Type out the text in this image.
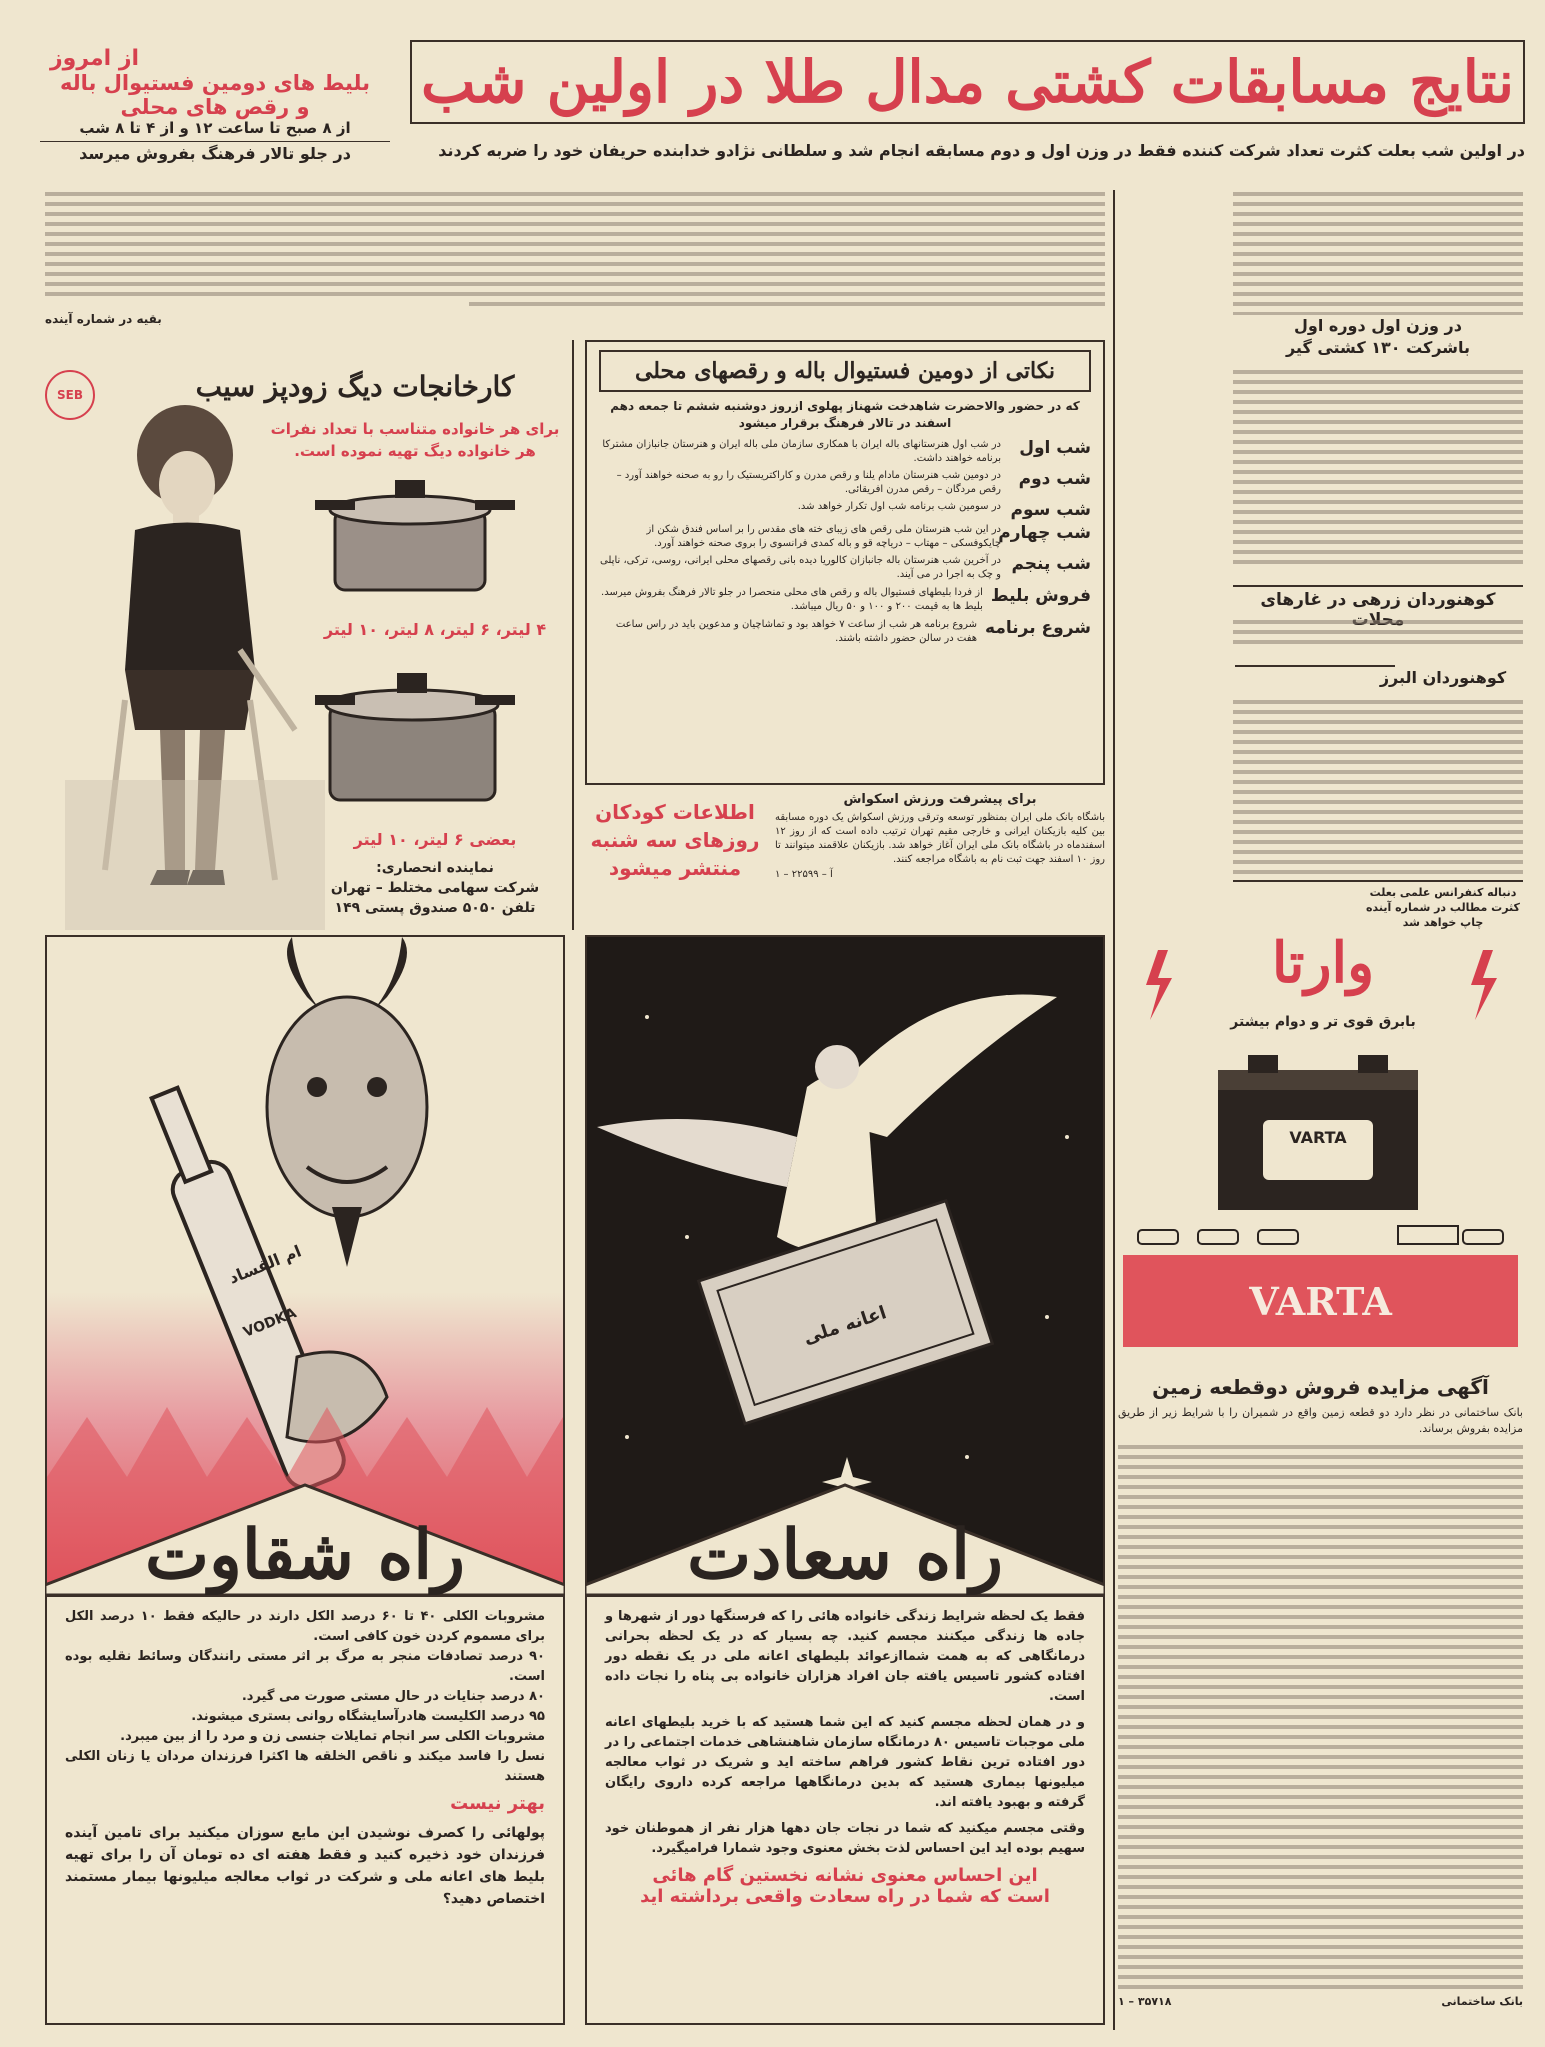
نتایج مسابقات کشتی مدال طلا در اولین شب
از امروز
بلیط های دومین فستیوال باله
و رقص های محلی
از ۸ صبح تا ساعت ۱۲ و از ۴ تا ۸ شب
در جلو تالار فرهنگ بفروش میرسد	در اولین شب بعلت کثرت تعداد شرکت کننده فقط در وزن اول و دوم مسابقه انجام شد و سلطانی نژادو خدابنده حریفان خود را ضربه کردند
بقیه در شماره آینده	در وزن اول دوره اول
باشرکت ۱۳۰ کشتی گیر
کوهنوردان زرهی در غارهای
کوهنوردان البرز
دنباله کنفرانس علمی بعلت کثرت مطالب در شماره آینده چاپ خواهد شد
SEB	کارخانجات دیگ زودپز سیب
برای هر خانواده متناسب با تعداد نفرات هر خانواده دیگ تهیه نموده است.
۴ لیتر، ۶ لیتر، ۸ لیتر، ۱۰ لیتر
بعضی ۶ لیتر، ۱۰ لیتر
نماینده انحصاری:
شرکت سهامی مختلط – تهران
تلفن ۵۰۵۰ صندوق پستی ۱۴۹
نکاتی از دومین فستیوال باله و رقصهای محلی
که در حضور والاحضرت شاهدخت شهناز پهلوی ازروز دوشنبه ششم تا جمعه دهم اسفند در تالار فرهنگ برقرار میشود
شب اول
در شب اول هنرستانهای باله ایران با همکاری سازمان ملی باله ایران و هنرستان جانبازان مشترکا برنامه خواهند داشت.
شب دوم
در دومین شب هنرستان مادام یلنا و رقص مدرن و کاراکتریستیک را رو به صحنه خواهند آورد – رقص مردگان – رقص مدرن افریقائی.
شب سوم
در سومین شب برنامه شب اول تکرار خواهد شد.
شب چهارم
در این شب هنرستان ملی رقص های زیبای خته های مقدس را بر اساس فندق شکن از چایکوفسکی – مهتاب – دریاچه قو و باله کمدی فرانسوی را بروی صحنه خواهند آورد.
شب پنجم
در آخرین شب هنرستان باله جانبازان کالوریا دیده بانی رقصهای محلی ایرانی، روسی، ترکی، ناپلی و چک به اجرا در می آیند.
فروش بلیط
از فردا بلیطهای فستیوال باله و رقص های محلی منحصرا در جلو تالار فرهنگ بفروش میرسد. بلیط ها به قیمت ۲۰۰ و ۱۰۰ و ۵۰ ریال میباشد.
شروع برنامه
شروع برنامه هر شب از ساعت ۷ خواهد بود و تماشاچیان و مدعوین باید در راس ساعت هفت در سالن حضور داشته باشند.
برای پیشرفت ورزش اسکواش
باشگاه بانک ملی ایران بمنظور توسعه وترقی ورزش اسکواش یک دوره مسابقه بین کلیه بازیکنان ایرانی و خارجی مقیم تهران ترتیب داده است که از روز ۱۲ اسفندماه در باشگاه بانک ملی ایران آغاز خواهد شد. بازیکنان علاقمند میتوانند تا روز ۱۰ اسفند جهت ثبت نام به باشگاه مراجعه کنند.
آ – ۲۲۵۹۹ – ۱
اطلاعات کودکان
روزهای سه شنبه
منتشر میشود
وارتا
بابرق قوی تر و دوام بیشتر
VARTA
VARTA
آگهی مزایده فروش دوقطعه زمین
بانک ساختمانی در نظر دارد دو قطعه زمین واقع در شمیران را با شرایط زیر از طریق مزایده بفروش برساند.
بانک ساختمانی
۳۵۷۱۸ – ۱
ام الفساد
VODKA
راه شقاوت
مشروبات الکلی ۴۰ تا ۶۰ درصد الکل دارند در حالیکه فقط ۱۰ درصد الکل برای مسموم کردن خون کافی است.
۹۰ درصد تصادفات منجر به مرگ بر اثر مستی رانندگان وسائط نقلیه بوده است.
۸۰ درصد جنایات در حال مستی صورت می گیرد.
۹۵ درصد الکلیست هادرآسایشگاه روانی بستری میشوند.
مشروبات الکلی سر انجام تمایلات جنسی زن و مرد را از بین میبرد.
نسل را فاسد میکند و ناقص الخلقه ها اکثرا فرزندان مردان یا زنان الکلی هستند
بهتر نیست
پولهائی را کصرف نوشیدن این مایع سوزان میکنید برای تامین آینده فرزندان خود ذخیره کنید و فقط هفته ای ده تومان آن را برای تهیه بلیط های اعانه ملی و شرکت در ثواب معالجه میلیونها بیمار مستمند اختصاص دهید؟
اعانه ملی
راه سعادت
فقط یک لحظه شرایط زندگی خانواده هائی را که فرسنگها دور از شهرها و جاده ها زندگی میکنند مجسم کنید. چه بسیار که در یک لحظه بحرانی درمانگاهی که به همت شماازعوائد بلیطهای اعانه ملی در یک نقطه دور افتاده کشور تاسیس یافته جان افراد هزاران خانواده بی پناه را نجات داده است.
و در همان لحظه مجسم کنید که این شما هستید که با خرید بلیطهای اعانه ملی موجبات تاسیس ۸۰ درمانگاه سازمان شاهنشاهی خدمات اجتماعی را در دور افتاده ترین نقاط کشور فراهم ساخته اید و شریک در ثواب معالجه میلیونها بیماری هستید که بدین درمانگاهها مراجعه کرده داروی رایگان گرفته و بهبود یافته اند.
وقتی مجسم میکنید که شما در نجات جان دهها هزار نفر از هموطنان خود سهیم بوده اید این احساس لذت بخش معنوی وجود شمارا فرامیگیرد.
این احساس معنوی نشانه نخستین گام هائی
است که شما در راه سعادت واقعی برداشته اید
